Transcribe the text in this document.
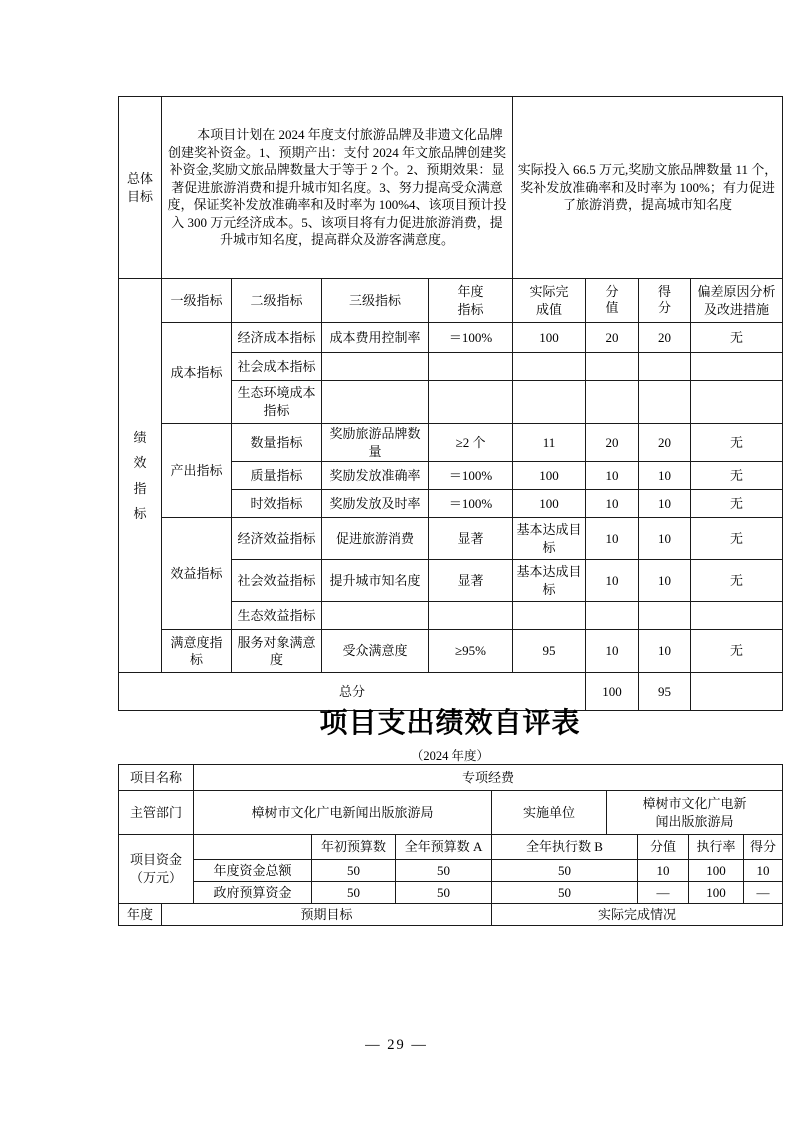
总体目标	本项目计划在 2024 年度支付旅游品牌及非遗文化品牌创建奖补资金。1、预期产出：支付 2024 年文旅品牌创建奖补资金,奖励文旅品牌数量大于等于 2 个。2、预期效果：显著促进旅游消费和提升城市知名度。3、努力提高受众满意度，保证奖补发放准确率和及时率为 100%4、该项目预计投入 300 万元经济成本。5、该项目将有力促进旅游消费，提升城市知名度，提高群众及游客满意度。				实际投入 66.5 万元,奖励文旅品牌数量 11 个，奖补发放准确率和及时率为 100%；有力促进了旅游消费，提高城市知名度			
绩效指标	一级指标	二级指标	三级指标	年度指标	实际完成值	分值	得分	偏差原因分析及改进措施
	成本指标	经济成本指标	成本费用控制率	＝100%	100	20	20	无
		社会成本指标						
		生态环境成本指标						
	产出指标	数量指标	奖励旅游品牌数量	≥2 个	11	20	20	无
		质量指标	奖励发放准确率	＝100%	100	10	10	无
		时效指标	奖励发放及时率	＝100%	100	10	10	无
	效益指标	经济效益指标	促进旅游消费	显著	基本达成目标	10	10	无
		社会效益指标	提升城市知名度	显著	基本达成目标	10	10	无
		生态效益指标						
	满意度指标	服务对象满意度	受众满意度	≥95%	95	10	10	无
总分						100	95	
项目支出绩效自评表
（2024 年度）
项目名称		专项经费							
主管部门		樟树市文化广电新闻出版旅游局			实施单位	樟树市文化广电新闻出版旅游局			
项目资金（万元）			年初预算数	全年预算数 A	全年执行数 B		分值	执行率	得分
		年度资金总额	50	50	50		10	100	10
		政府预算资金	50	50	50		—	100	—
年度	预期目标				实际完成情况				
— 29 —
